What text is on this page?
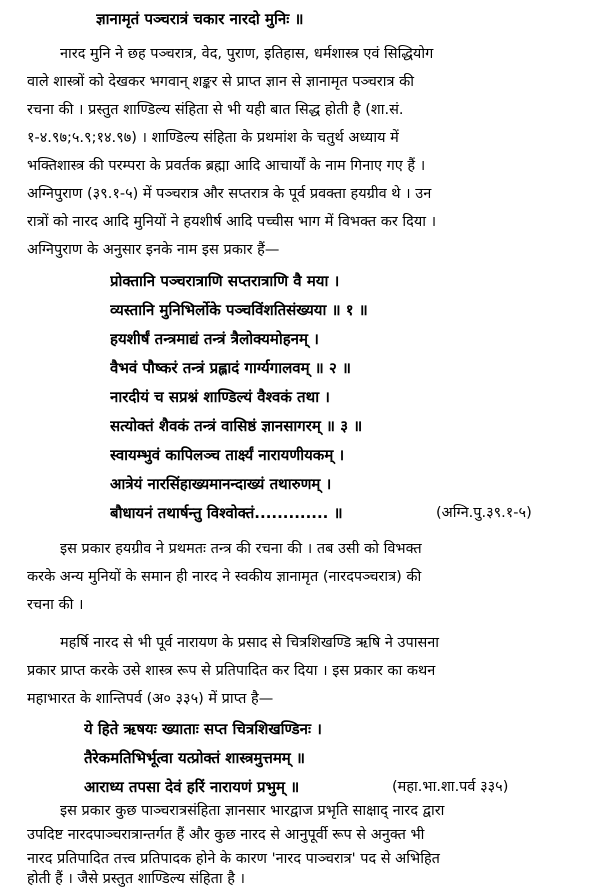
ज्ञानामृतं पञ्चरात्रं चकार नारदो मुनिः ॥
नारद मुनि ने छह पञ्चरात्र, वेद, पुराण, इतिहास, धर्मशास्त्र एवं सिद्धियोग
वाले शास्त्रों को देखकर भगवान् शङ्कर से प्राप्त ज्ञान से ज्ञानामृत पञ्चरात्र की
रचना की । प्रस्तुत शाण्डिल्य संहिता से भी यही बात सिद्ध होती है (शा.सं.
१-४.९७;५.९;१४.९७) । शाण्डिल्य संहिता के प्रथमांश के चतुर्थ अध्याय में
भक्तिशास्त्र की परम्परा के प्रवर्तक ब्रह्मा आदि आचार्यों के नाम गिनाए गए हैं ।
अग्निपुराण (३९.१-५) में पञ्चरात्र और सप्तरात्र के पूर्व प्रवक्ता हयग्रीव थे । उन
रात्रों को नारद आदि मुनियों ने हयशीर्ष आदि पच्चीस भाग में विभक्त कर दिया ।
अग्निपुराण के अनुसार इनके नाम इस प्रकार हैं—
प्रोक्तानि पञ्चरात्राणि सप्तरात्राणि वै मया ।
व्यस्तानि मुनिभिर्लोके पञ्चविंशतिसंख्यया ॥ १ ॥
हयशीर्षं तन्त्रमाद्यं तन्त्रं त्रैलोक्यमोहनम् ।
वैभवं पौष्करं तन्त्रं प्रह्लादं गार्ग्यगालवम् ॥ २ ॥
नारदीयं च सप्रश्नं शाण्डिल्यं वैश्वकं तथा ।
सत्योक्तं शैवकं तन्त्रं वासिष्ठं ज्ञानसागरम् ॥ ३ ॥
स्वायम्भुवं कापिलञ्च तार्क्ष्यं नारायणीयकम् ।
आत्रेयं नारसिंहाख्यमानन्दाख्यं तथारुणम् ।
बौधायनं तथार्षन्तु विश्वोक्तं............. ॥	(अग्नि.पु.३९.१-५)
इस प्रकार हयग्रीव ने प्रथमतः तन्त्र की रचना की । तब उसी को विभक्त
करके अन्य मुनियों के समान ही नारद ने स्वकीय ज्ञानामृत (नारदपञ्चरात्र) की
रचना की ।
महर्षि नारद से भी पूर्व नारायण के प्रसाद से चित्रशिखण्डि ऋषि ने उपासना
प्रकार प्राप्त करके उसे शास्त्र रूप से प्रतिपादित कर दिया । इस प्रकार का कथन
महाभारत के शान्तिपर्व (अ० ३३५) में प्राप्त है—
ये हिते ऋषयः ख्याताः सप्त चित्रशिखण्डिनः ।
तैरेकमतिभिर्भूत्वा यत्प्रोक्तं शास्त्रमुत्तमम् ॥
आराध्य तपसा देवं हरिं नारायणं प्रभुम् ॥	(महा.भा.शा.पर्व ३३५)
इस प्रकार कुछ पाञ्चरात्रसंहिता ज्ञानसार भारद्वाज प्रभृति साक्षाद् नारद द्वारा
उपदिष्ट नारदपाञ्चरात्रान्तर्गत हैं और कुछ नारद से आनुपूर्वी रूप से अनुक्त भी
नारद प्रतिपादित तत्त्व प्रतिपादक होने के कारण 'नारद पाञ्चरात्र' पद से अभिहित
होती हैं । जैसे प्रस्तुत शाण्डिल्य संहिता है ।
